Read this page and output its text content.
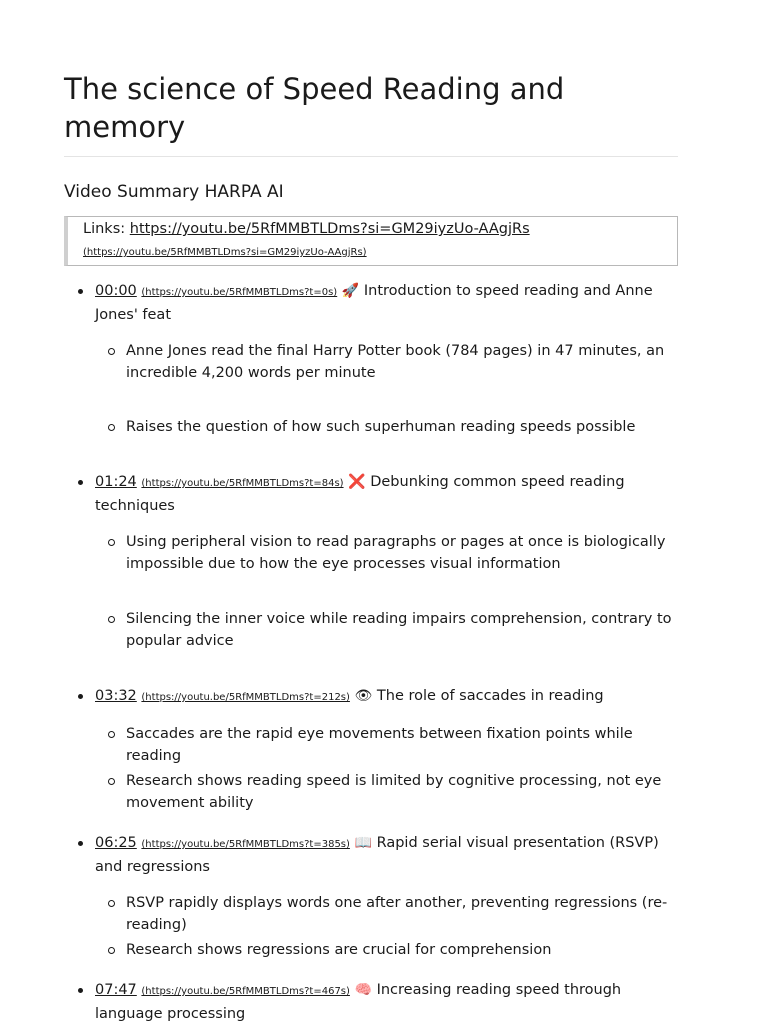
The science of Speed Reading and memory
Video Summary HARPA AI
Links: https://youtu.be/5RfMMBTLDms?si=GM29iyzUo-AAgjRs
(https://youtu.be/5RfMMBTLDms?si=GM29iyzUo-AAgjRs)
00:00 (https://youtu.be/5RfMMBTLDms?t=0s) 🚀 Introduction to speed reading and Anne Jones' feat
Anne Jones read the final Harry Potter book (784 pages) in 47 minutes, an incredible 4,200 words per minute
Raises the question of how such superhuman reading speeds possible
01:24 (https://youtu.be/5RfMMBTLDms?t=84s) ❌ Debunking common speed reading techniques
Using peripheral vision to read paragraphs or pages at once is biologically impossible due to how the eye processes visual information
Silencing the inner voice while reading impairs comprehension, contrary to popular advice
03:32 (https://youtu.be/5RfMMBTLDms?t=212s) 👁 The role of saccades in reading
Saccades are the rapid eye movements between fixation points while reading
Research shows reading speed is limited by cognitive processing, not eye movement ability
06:25 (https://youtu.be/5RfMMBTLDms?t=385s) 📖 Rapid serial visual presentation (RSVP) and regressions
RSVP rapidly displays words one after another, preventing regressions (re-reading)
Research shows regressions are crucial for comprehension
07:47 (https://youtu.be/5RfMMBTLDms?t=467s) 🧠 Increasing reading speed through language processing
